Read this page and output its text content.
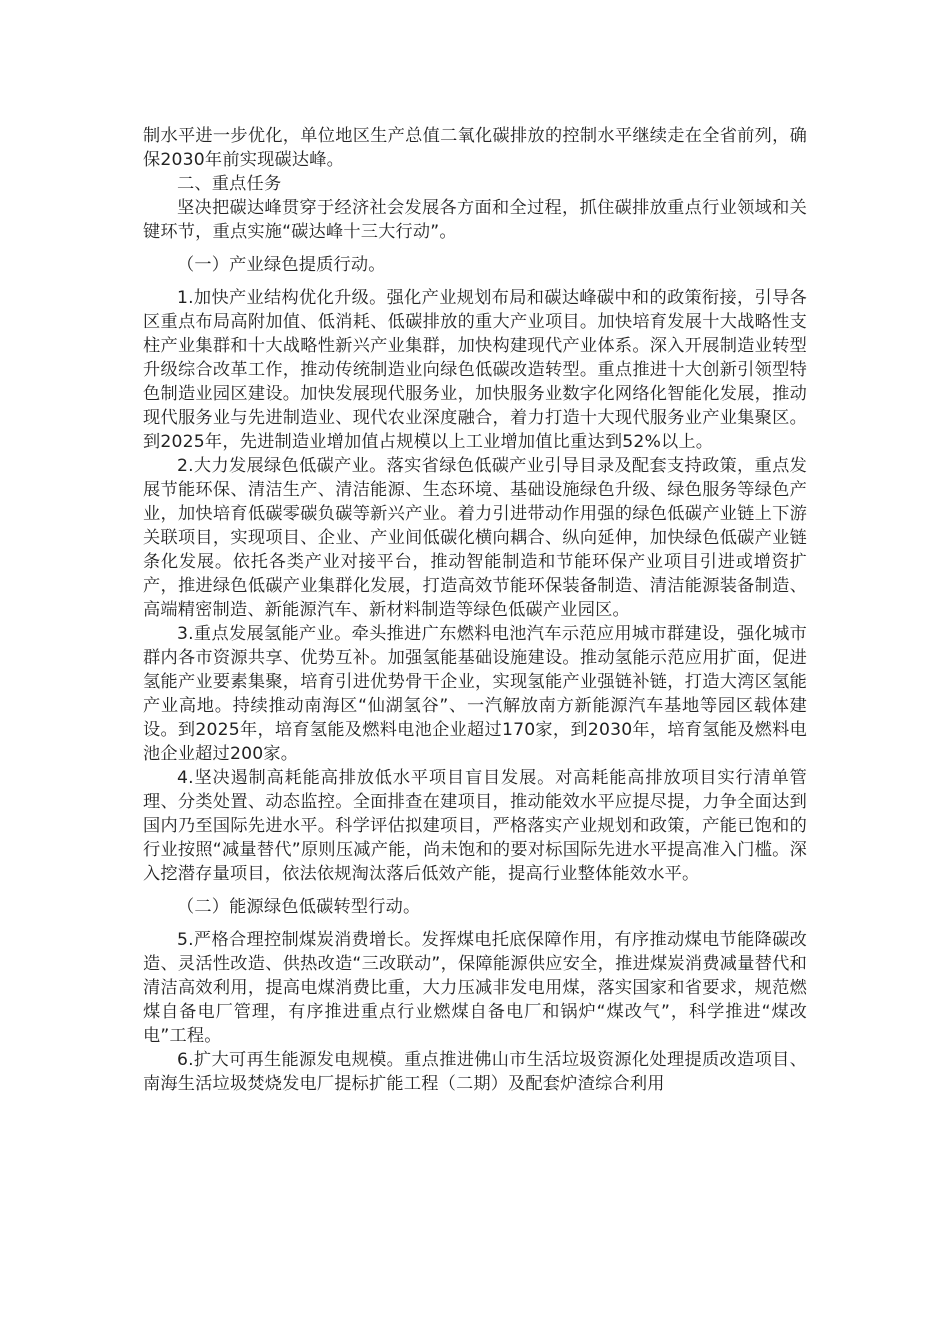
制水平进一步优化，单位地区生产总值二氧化碳排放的控制水平继续走在全省前列，确保2030年前实现碳达峰。

二、重点任务

坚决把碳达峰贯穿于经济社会发展各方面和全过程，抓住碳排放重点行业领域和关键环节，重点实施“碳达峰十三大行动”。

（一）产业绿色提质行动。

1.加快产业结构优化升级。强化产业规划布局和碳达峰碳中和的政策衔接，引导各区重点布局高附加值、低消耗、低碳排放的重大产业项目。加快培育发展十大战略性支柱产业集群和十大战略性新兴产业集群，加快构建现代产业体系。深入开展制造业转型升级综合改革工作，推动传统制造业向绿色低碳改造转型。重点推进十大创新引领型特色制造业园区建设。加快发展现代服务业，加快服务业数字化网络化智能化发展，推动现代服务业与先进制造业、现代农业深度融合，着力打造十大现代服务业产业集聚区。到2025年，先进制造业增加值占规模以上工业增加值比重达到52%以上。

2.大力发展绿色低碳产业。落实省绿色低碳产业引导目录及配套支持政策，重点发展节能环保、清洁生产、清洁能源、生态环境、基础设施绿色升级、绿色服务等绿色产业，加快培育低碳零碳负碳等新兴产业。着力引进带动作用强的绿色低碳产业链上下游关联项目，实现项目、企业、产业间低碳化横向耦合、纵向延伸，加快绿色低碳产业链条化发展。依托各类产业对接平台，推动智能制造和节能环保产业项目引进或增资扩产，推进绿色低碳产业集群化发展，打造高效节能环保装备制造、清洁能源装备制造、高端精密制造、新能源汽车、新材料制造等绿色低碳产业园区。

3.重点发展氢能产业。牵头推进广东燃料电池汽车示范应用城市群建设，强化城市群内各市资源共享、优势互补。加强氢能基础设施建设。推动氢能示范应用扩面，促进氢能产业要素集聚，培育引进优势骨干企业，实现氢能产业强链补链，打造大湾区氢能产业高地。持续推动南海区“仙湖氢谷”、一汽解放南方新能源汽车基地等园区载体建设。到2025年，培育氢能及燃料电池企业超过170家，到2030年，培育氢能及燃料电池企业超过200家。

4.坚决遏制高耗能高排放低水平项目盲目发展。对高耗能高排放项目实行清单管理、分类处置、动态监控。全面排查在建项目，推动能效水平应提尽提，力争全面达到国内乃至国际先进水平。科学评估拟建项目，严格落实产业规划和政策，产能已饱和的行业按照“减量替代”原则压减产能，尚未饱和的要对标国际先进水平提高准入门槛。深入挖潜存量项目，依法依规淘汰落后低效产能，提高行业整体能效水平。

（二）能源绿色低碳转型行动。

5.严格合理控制煤炭消费增长。发挥煤电托底保障作用，有序推动煤电节能降碳改造、灵活性改造、供热改造“三改联动”，保障能源供应安全，推进煤炭消费减量替代和清洁高效利用，提高电煤消费比重，大力压减非发电用煤，落实国家和省要求，规范燃煤自备电厂管理，有序推进重点行业燃煤自备电厂和锅炉“煤改气”，科学推进“煤改电”工程。

6.扩大可再生能源发电规模。重点推进佛山市生活垃圾资源化处理提质改造项目、南海生活垃圾焚烧发电厂提标扩能工程（二期）及配套炉渣综合利用
